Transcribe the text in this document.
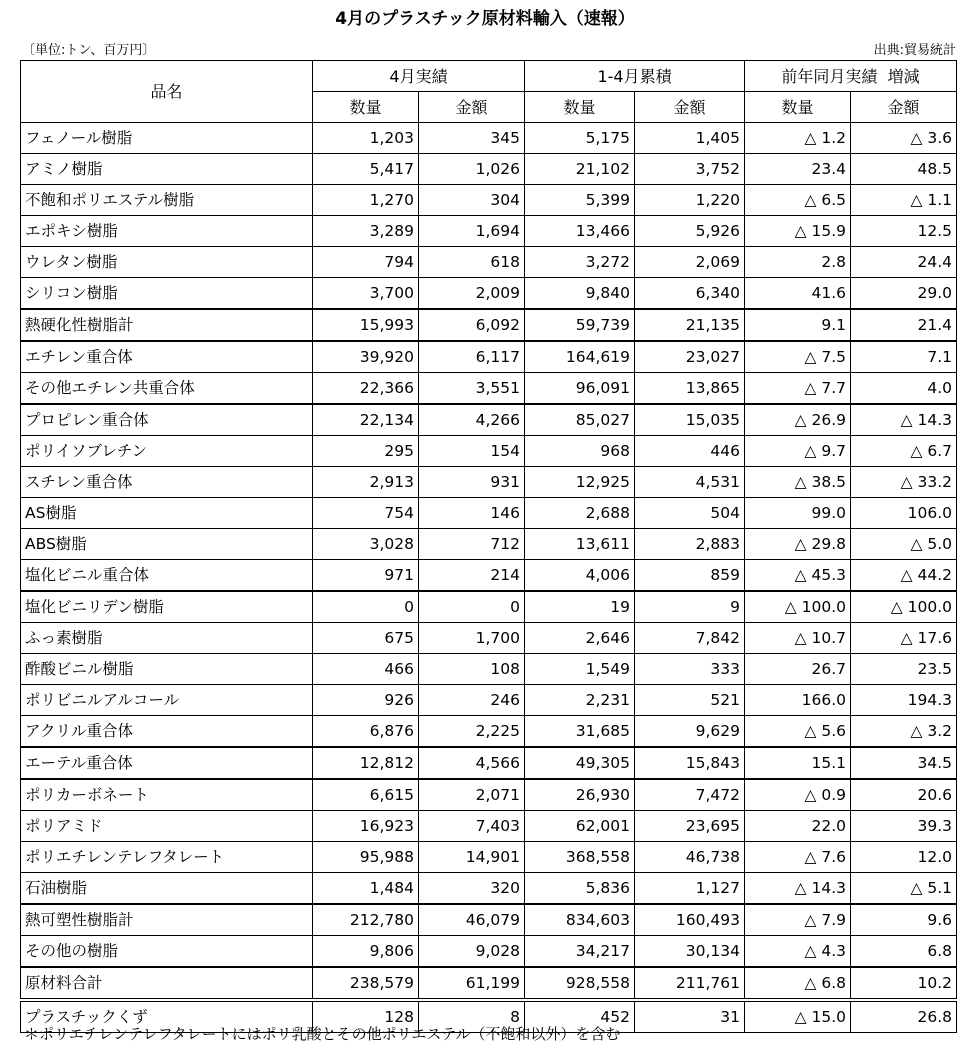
4月のプラスチック原材料輸入（速報）
〔単位:トン、百万円〕	出典:貿易統計
品名	4月実績		1-4月累積		前年同月実績  増減	
	数量	金額	数量	金額	数量	金額
フェノール樹脂	1,203	345	5,175	1,405	△ 1.2	△ 3.6
アミノ樹脂	5,417	1,026	21,102	3,752	23.4	48.5
不飽和ポリエステル樹脂	1,270	304	5,399	1,220	△ 6.5	△ 1.1
エポキシ樹脂	3,289	1,694	13,466	5,926	△ 15.9	12.5
ウレタン樹脂	794	618	3,272	2,069	2.8	24.4
シリコン樹脂	3,700	2,009	9,840	6,340	41.6	29.0
熱硬化性樹脂計	15,993	6,092	59,739	21,135	9.1	21.4
エチレン重合体	39,920	6,117	164,619	23,027	△ 7.5	7.1
その他エチレン共重合体	22,366	3,551	96,091	13,865	△ 7.7	4.0
プロピレン重合体	22,134	4,266	85,027	15,035	△ 26.9	△ 14.3
ポリイソブレチン	295	154	968	446	△ 9.7	△ 6.7
スチレン重合体	2,913	931	12,925	4,531	△ 38.5	△ 33.2
AS樹脂	754	146	2,688	504	99.0	106.0
ABS樹脂	3,028	712	13,611	2,883	△ 29.8	△ 5.0
塩化ビニル重合体	971	214	4,006	859	△ 45.3	△ 44.2
塩化ビニリデン樹脂	0	0	19	9	△ 100.0	△ 100.0
ふっ素樹脂	675	1,700	2,646	7,842	△ 10.7	△ 17.6
酢酸ビニル樹脂	466	108	1,549	333	26.7	23.5
ポリビニルアルコール	926	246	2,231	521	166.0	194.3
アクリル重合体	6,876	2,225	31,685	9,629	△ 5.6	△ 3.2
エーテル重合体	12,812	4,566	49,305	15,843	15.1	34.5
ポリカーボネート	6,615	2,071	26,930	7,472	△ 0.9	20.6
ポリアミド	16,923	7,403	62,001	23,695	22.0	39.3
ポリエチレンテレフタレート	95,988	14,901	368,558	46,738	△ 7.6	12.0
石油樹脂	1,484	320	5,836	1,127	△ 14.3	△ 5.1
熱可塑性樹脂計	212,780	46,079	834,603	160,493	△ 7.9	9.6
その他の樹脂	9,806	9,028	34,217	30,134	△ 4.3	6.8
原材料合計	238,579	61,199	928,558	211,761	△ 6.8	10.2
プラスチックくず	128	8	452	31	△ 15.0	26.8
＊ポリエチレンテレフタレートにはポリ乳酸とその他ポリエステル（不飽和以外）を含む
